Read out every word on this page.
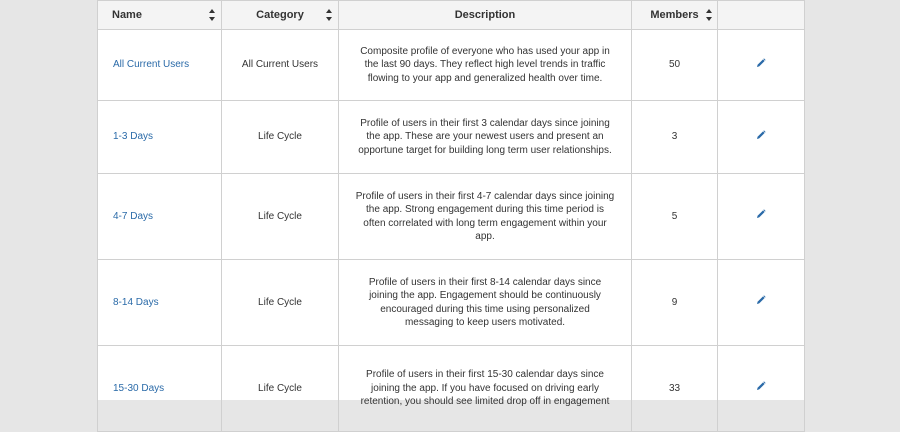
Name	Category	Description	Members

All Current Users	All Current Users	Composite profile of everyone who has used your app in the last 90 days. They reflect high level trends in traffic flowing to your app and generalized health over time.	50	
1-3 Days	Life Cycle	Profile of users in their first 3 calendar days since joining the app. These are your newest users and present an opportune target for building long term user relationships.	3	
4-7 Days	Life Cycle	Profile of users in their first 4-7 calendar days since joining the app. Strong engagement during this time period is often correlated with long term engagement within your app.	5	
8-14 Days	Life Cycle	Profile of users in their first 8-14 calendar days since joining the app. Engagement should be continuously encouraged during this time using personalized messaging to keep users motivated.	9	
15-30 Days	Life Cycle	Profile of users in their first 15-30 calendar days since joining the app. If you have focused on driving early retention, you should see limited drop off in engagement	33	
